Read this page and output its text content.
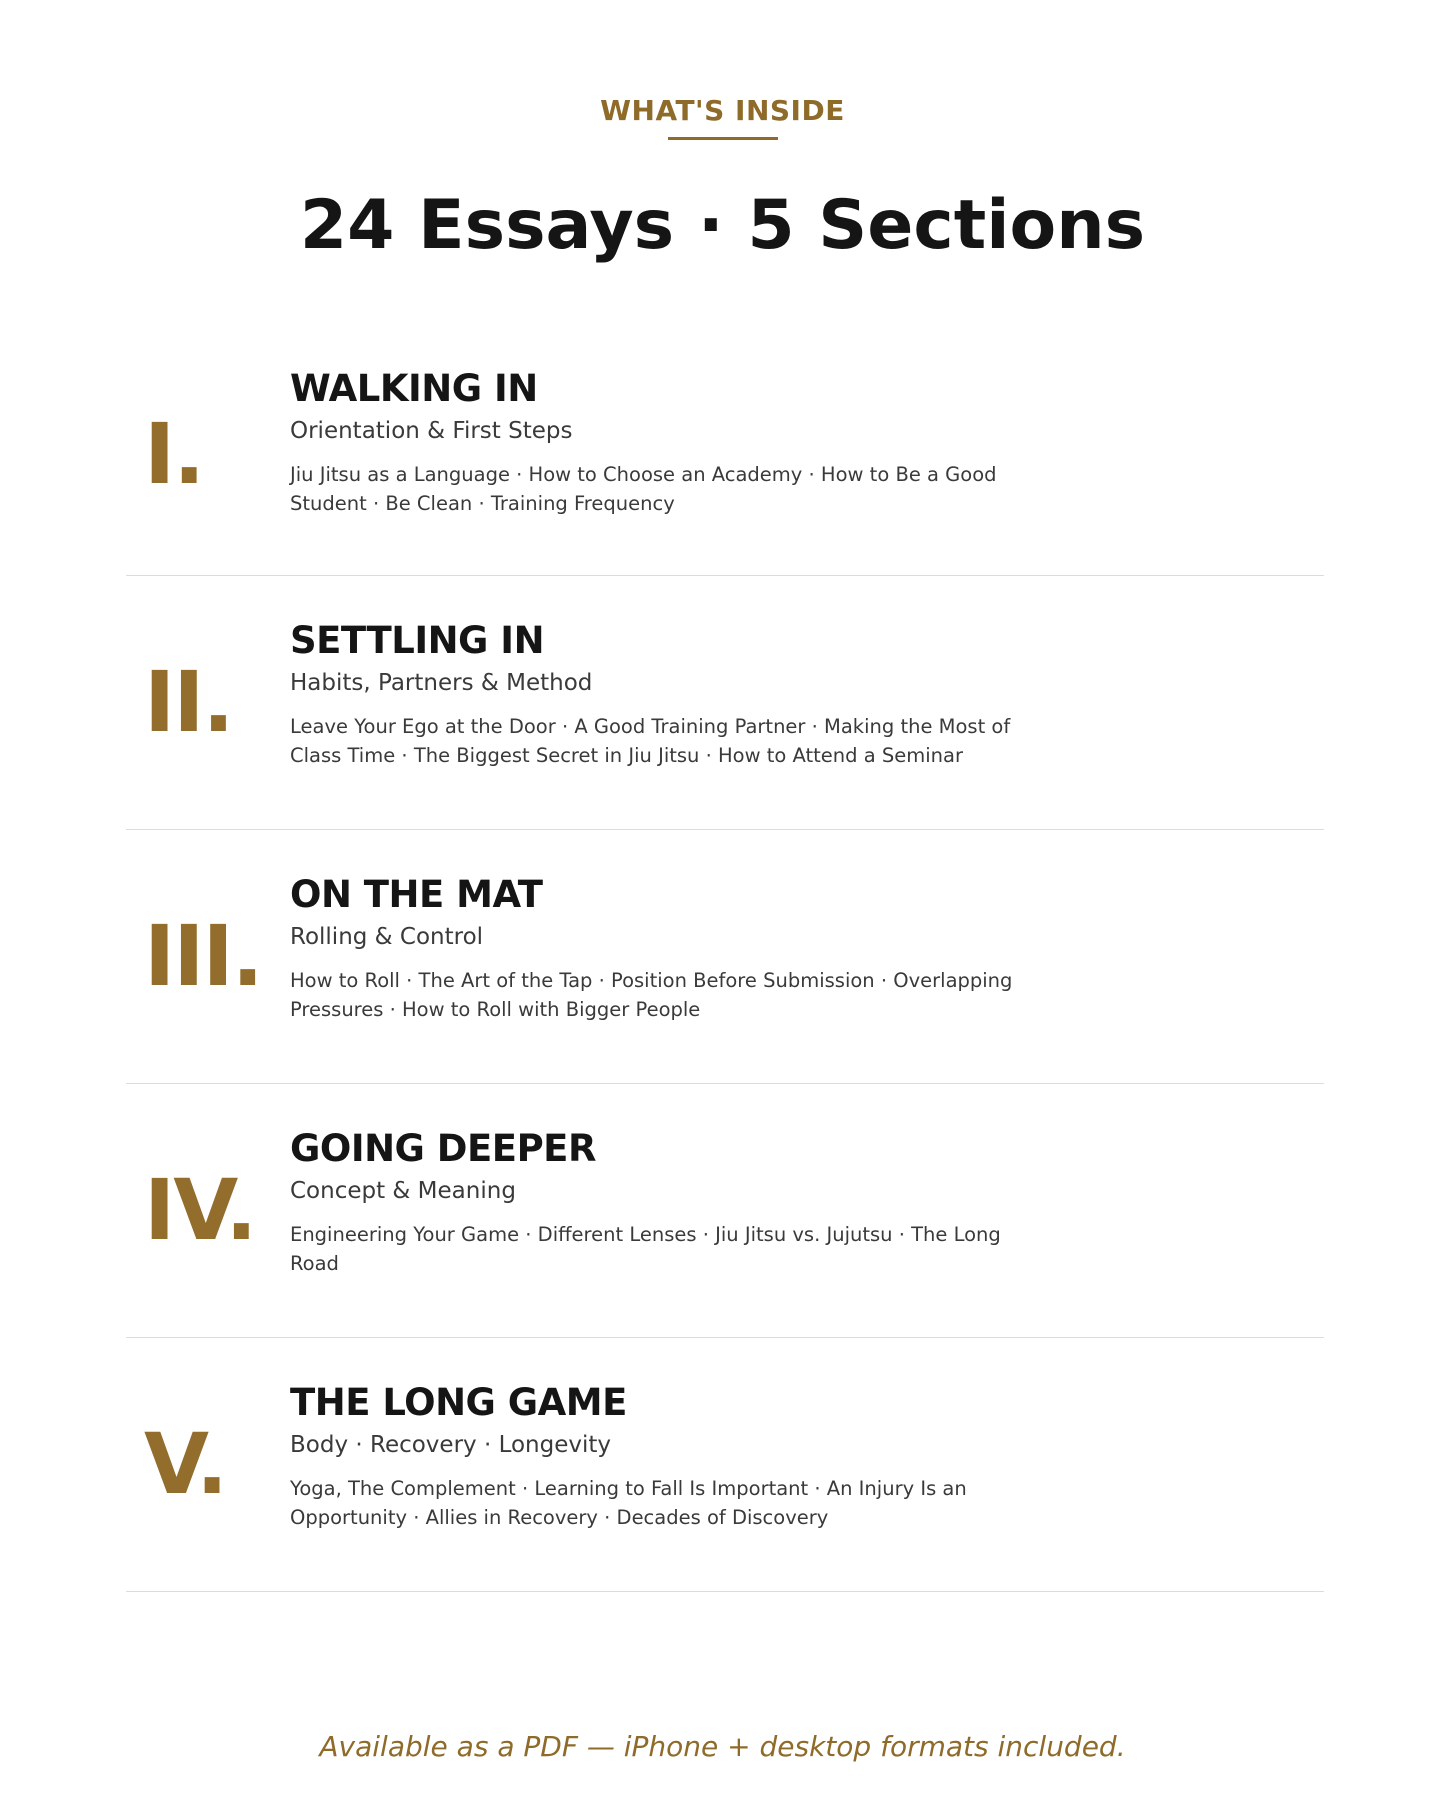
WHAT'S INSIDE
24 Essays · 5 Sections
I.
WALKING IN
Orientation & First Steps
Jiu Jitsu as a Language · How to Choose an Academy · How to Be a Good Student · Be Clean · Training Frequency
II.
SETTLING IN
Habits, Partners & Method
Leave Your Ego at the Door · A Good Training Partner · Making the Most of Class Time · The Biggest Secret in Jiu Jitsu · How to Attend a Seminar
III.
ON THE MAT
Rolling & Control
How to Roll · The Art of the Tap · Position Before Submission · Overlapping Pressures · How to Roll with Bigger People
IV.
GOING DEEPER
Concept & Meaning
Engineering Your Game · Different Lenses · Jiu Jitsu vs. Jujutsu · The Long Road
V.
THE LONG GAME
Body · Recovery · Longevity
Yoga, The Complement · Learning to Fall Is Important · An Injury Is an Opportunity · Allies in Recovery · Decades of Discovery
Available as a PDF — iPhone + desktop formats included.
